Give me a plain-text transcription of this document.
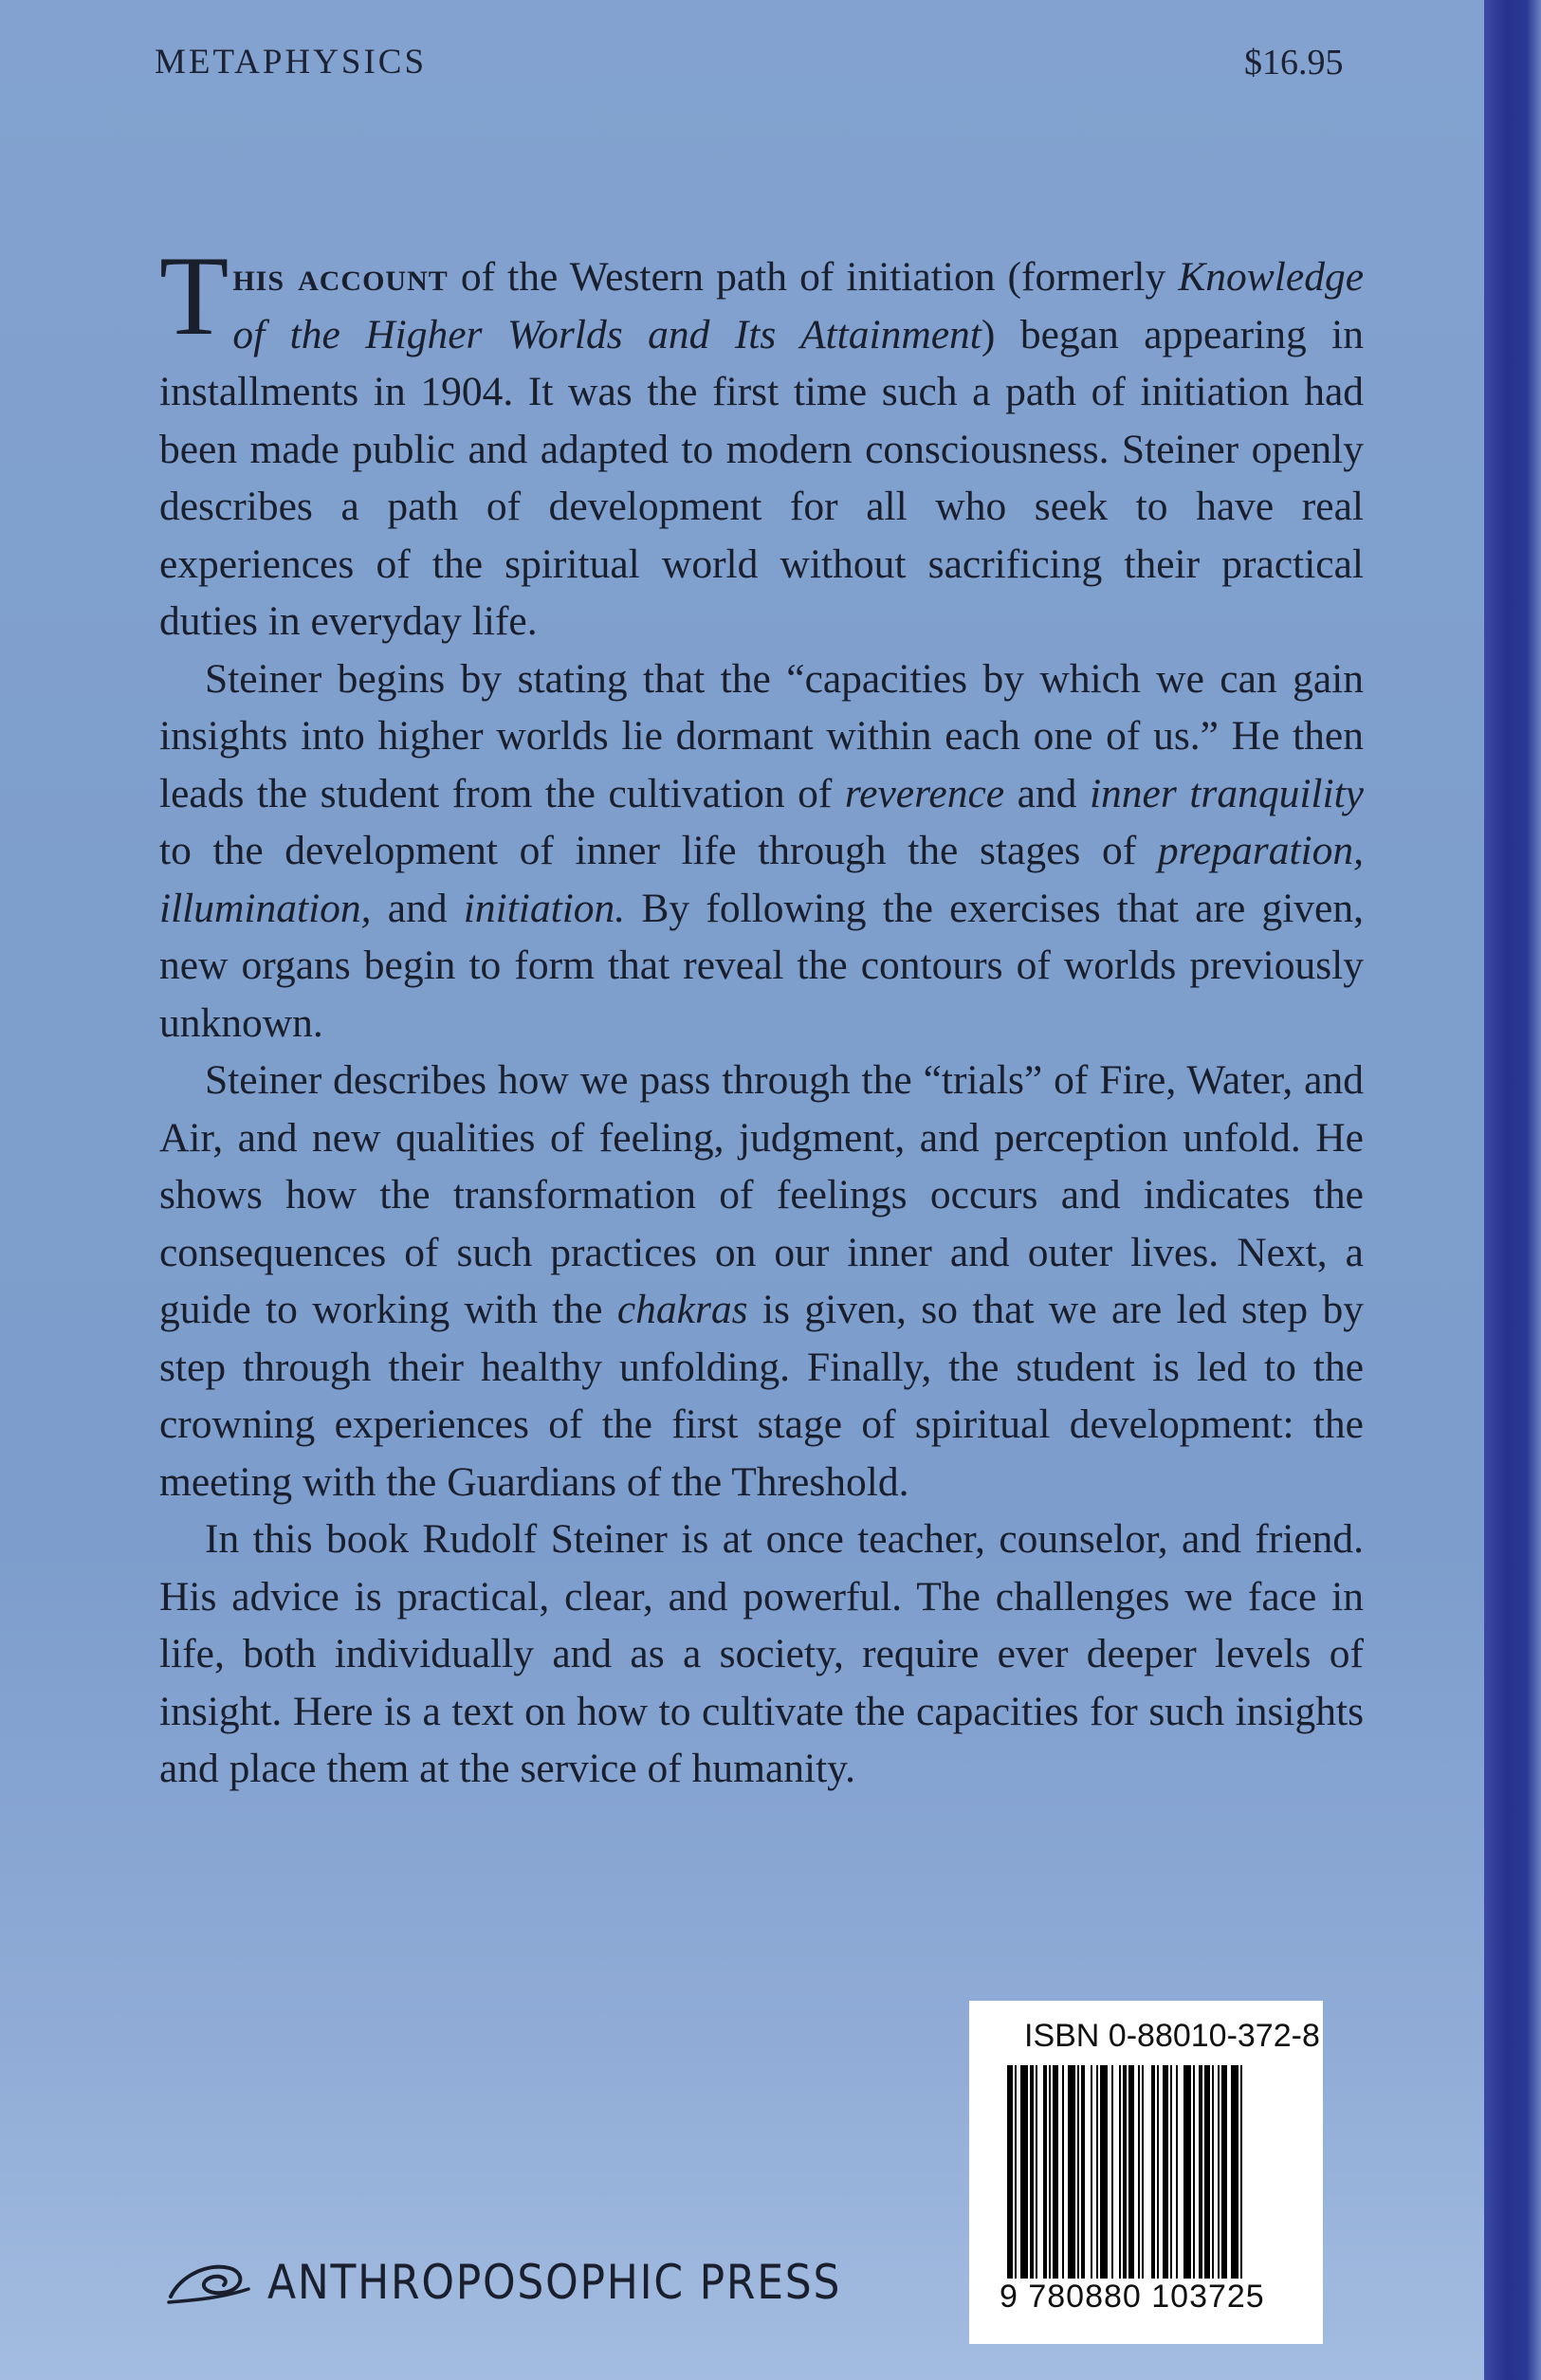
METAPHYSICS	$16.95

This account of the Western path of initiation (formerly Knowledge of the Higher Worlds and Its Attainment) began appearing in installments in 1904. It was the first time such a path of initiation had been made public and adapted to modern consciousness. Steiner openly describes a path of development for all who seek to have real experiences of the spiritual world without sacrificing their practical duties in everyday life.

Steiner begins by stating that the “capacities by which we can gain insights into higher worlds lie dormant within each one of us.” He then leads the student from the cultivation of reverence and inner tranquility to the development of inner life through the stages of preparation, illumination, and initiation. By following the exercises that are given, new organs begin to form that reveal the contours of worlds previously unknown.

Steiner describes how we pass through the “trials” of Fire, Water, and Air, and new qualities of feeling, judgment, and perception unfold. He shows how the transformation of feelings occurs and indicates the consequences of such practices on our inner and outer lives. Next, a guide to working with the chakras is given, so that we are led step by step through their healthy unfolding. Finally, the student is led to the crowning experiences of the first stage of spiritual development: the meeting with the Guardians of the Threshold.

In this book Rudolf Steiner is at once teacher, counselor, and friend. His advice is practical, clear, and powerful. The challenges we face in life, both individually and as a society, require ever deeper levels of insight. Here is a text on how to cultivate the capacities for such insights and place them at the service of humanity.

ISBN 0-88010-372-8
9 780880 103725
ANTHROPOSOPHIC PRESS
